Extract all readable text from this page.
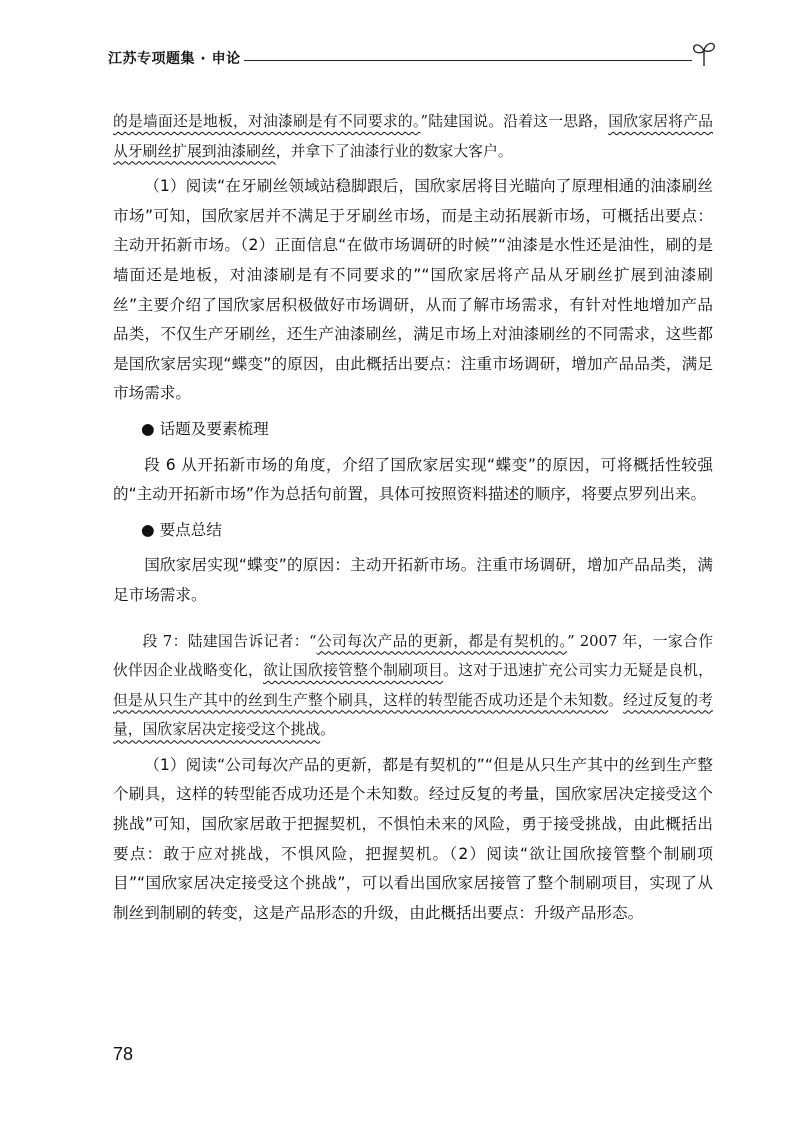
江苏专项题集 · 申论

的是墙面还是地板，对油漆刷是有不同要求的。”陆建国说。沿着这一思路，国欣家居将产品从牙刷丝扩展到油漆刷丝，并拿下了油漆行业的数家大客户。

（1）阅读“在牙刷丝领域站稳脚跟后，国欣家居将目光瞄向了原理相通的油漆刷丝市场”可知，国欣家居并不满足于牙刷丝市场，而是主动拓展新市场，可概括出要点：主动开拓新市场。（2）正面信息“在做市场调研的时候”“油漆是水性还是油性，刷的是墙面还是地板，对油漆刷是有不同要求的”“国欣家居将产品从牙刷丝扩展到油漆刷丝”主要介绍了国欣家居积极做好市场调研，从而了解市场需求，有针对性地增加产品品类，不仅生产牙刷丝，还生产油漆刷丝，满足市场上对油漆刷丝的不同需求，这些都是国欣家居实现“蝶变”的原因，由此概括出要点：注重市场调研，增加产品品类，满足市场需求。

● 话题及要素梳理

段 6 从开拓新市场的角度，介绍了国欣家居实现“蝶变”的原因，可将概括性较强的“主动开拓新市场”作为总括句前置，具体可按照资料描述的顺序，将要点罗列出来。

● 要点总结

国欣家居实现“蝶变”的原因：主动开拓新市场。注重市场调研，增加产品品类，满足市场需求。

段 7：陆建国告诉记者：“公司每次产品的更新，都是有契机的。” 2007 年，一家合作伙伴因企业战略变化，欲让国欣接管整个制刷项目。这对于迅速扩充公司实力无疑是良机，但是从只生产其中的丝到生产整个刷具，这样的转型能否成功还是个未知数。经过反复的考量，国欣家居决定接受这个挑战。

（1）阅读“公司每次产品的更新，都是有契机的”“但是从只生产其中的丝到生产整个刷具，这样的转型能否成功还是个未知数。经过反复的考量，国欣家居决定接受这个挑战”可知，国欣家居敢于把握契机，不惧怕未来的风险，勇于接受挑战，由此概括出要点：敢于应对挑战，不惧风险，把握契机。（2）阅读“欲让国欣接管整个制刷项目”“国欣家居决定接受这个挑战”，可以看出国欣家居接管了整个制刷项目，实现了从制丝到制刷的转变，这是产品形态的升级，由此概括出要点：升级产品形态。

78
